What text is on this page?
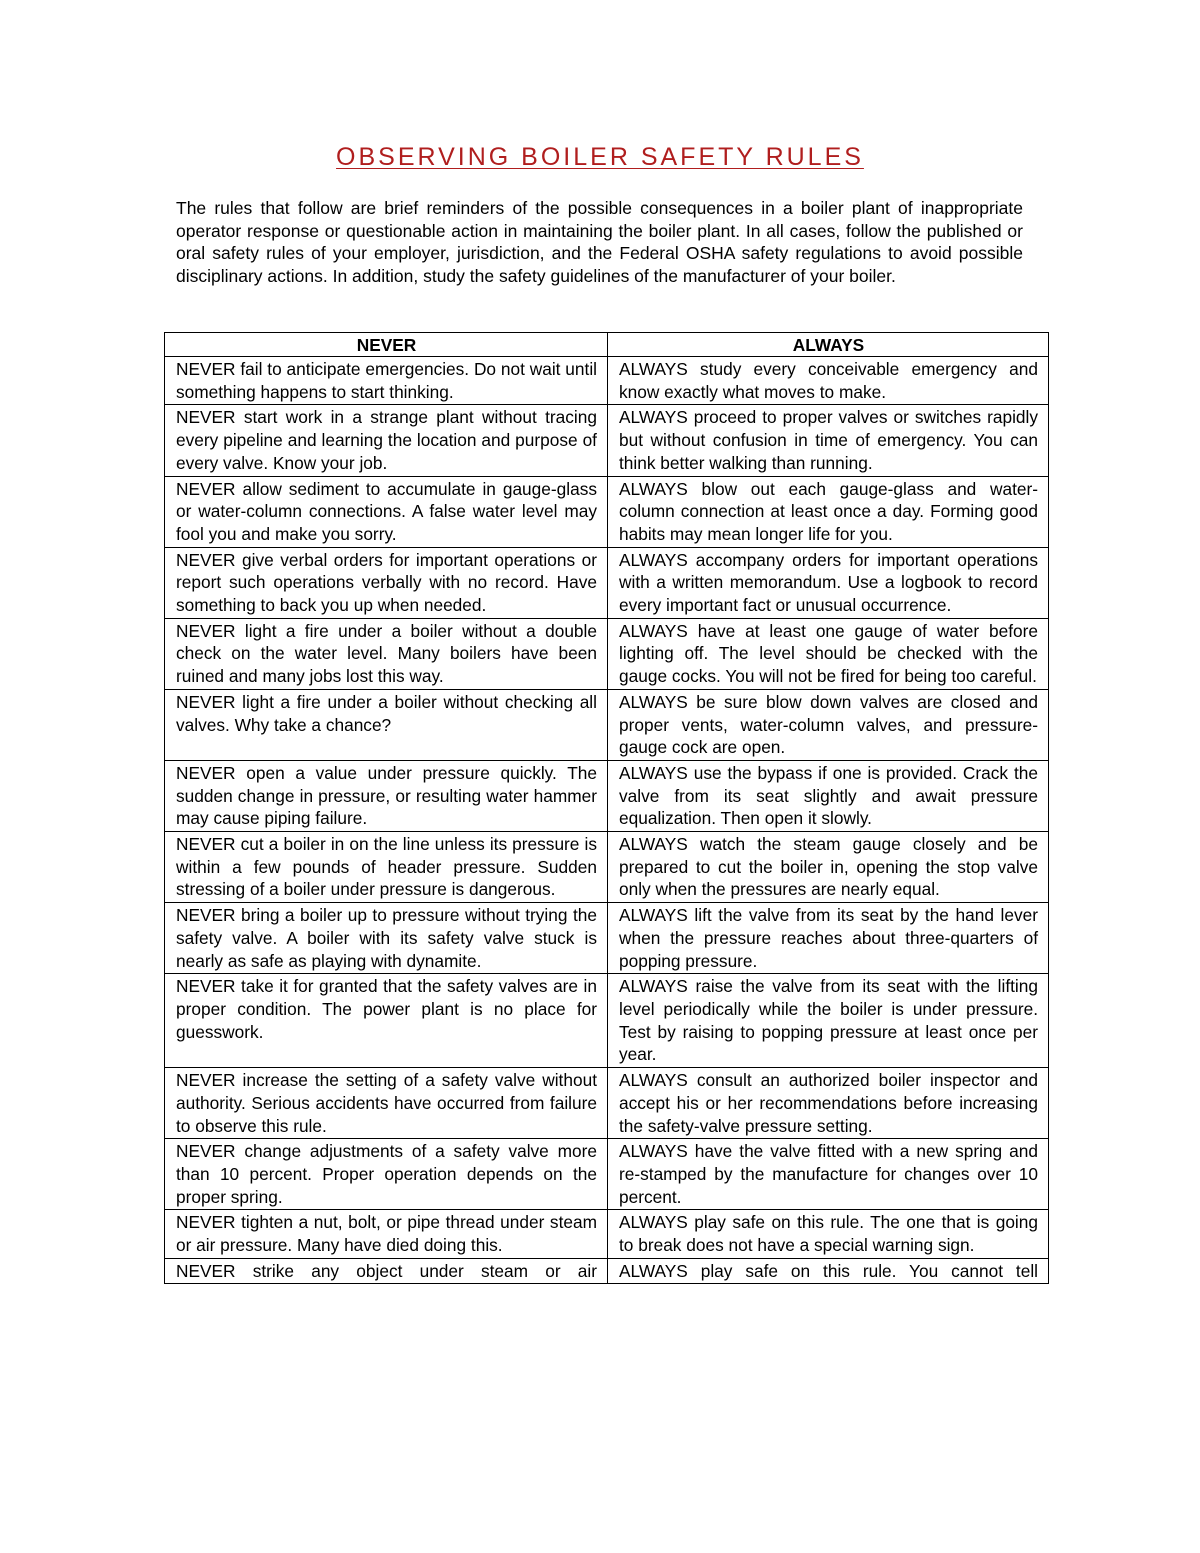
OBSERVING BOILER SAFETY RULES
The rules that follow are brief reminders of the possible consequences in a boiler plant of inappropriate operator response or questionable action in maintaining the boiler plant. In all cases, follow the published or oral safety rules of your employer, jurisdiction, and the Federal OSHA safety regulations to avoid possible disciplinary actions. In addition, study the safety guidelines of the manufacturer of your boiler.
NEVER	ALWAYS

NEVER fail to anticipate emergencies. Do not wait until something happens to start thinking.	ALWAYS study every conceivable emergency and know exactly what moves to make.

NEVER start work in a strange plant without tracing every pipeline and learning the location and purpose of every valve. Know your job.	ALWAYS proceed to proper valves or switches rapidly but without confusion in time of emergency. You can think better walking than running.

NEVER allow sediment to accumulate in gauge-glass or water-column connections. A false water level may fool you and make you sorry.	ALWAYS blow out each gauge-glass and water-column connection at least once a day. Forming good habits may mean longer life for you.

NEVER give verbal orders for important operations or report such operations verbally with no record. Have something to back you up when needed.	ALWAYS accompany orders for important operations with a written memorandum. Use a logbook to record every important fact or unusual occurrence.

NEVER light a fire under a boiler without a double check on the water level. Many boilers have been ruined and many jobs lost this way.	ALWAYS have at least one gauge of water before lighting off. The level should be checked with the gauge cocks. You will not be fired for being too careful.

NEVER light a fire under a boiler without checking all valves. Why take a chance?	ALWAYS be sure blow down valves are closed and proper vents, water-column valves, and pressure-gauge cock are open.

NEVER open a value under pressure quickly. The sudden change in pressure, or resulting water hammer may cause piping failure.	ALWAYS use the bypass if one is provided. Crack the valve from its seat slightly and await pressure equalization. Then open it slowly.

NEVER cut a boiler in on the line unless its pressure is within a few pounds of header pressure. Sudden stressing of a boiler under pressure is dangerous.	ALWAYS watch the steam gauge closely and be prepared to cut the boiler in, opening the stop valve only when the pressures are nearly equal.

NEVER bring a boiler up to pressure without trying the safety valve. A boiler with its safety valve stuck is nearly as safe as playing with dynamite.	ALWAYS lift the valve from its seat by the hand lever when the pressure reaches about three-quarters of popping pressure.

NEVER take it for granted that the safety valves are in proper condition. The power plant is no place for guesswork.	ALWAYS raise the valve from its seat with the lifting level periodically while the boiler is under pressure. Test by raising to popping pressure at least once per year.

NEVER increase the setting of a safety valve without authority. Serious accidents have occurred from failure to observe this rule.	ALWAYS consult an authorized boiler inspector and accept his or her recommendations before increasing the safety-valve pressure setting.

NEVER change adjustments of a safety valve more than 10 percent. Proper operation depends on the proper spring.	ALWAYS have the valve fitted with a new spring and re-stamped by the manufacture for changes over 10 percent.

NEVER tighten a nut, bolt, or pipe thread under steam or air pressure. Many have died doing this.	ALWAYS play safe on this rule. The one that is going to break does not have a special warning sign.

NEVER strike any object under steam or air	ALWAYS play safe on this rule. You cannot tell
